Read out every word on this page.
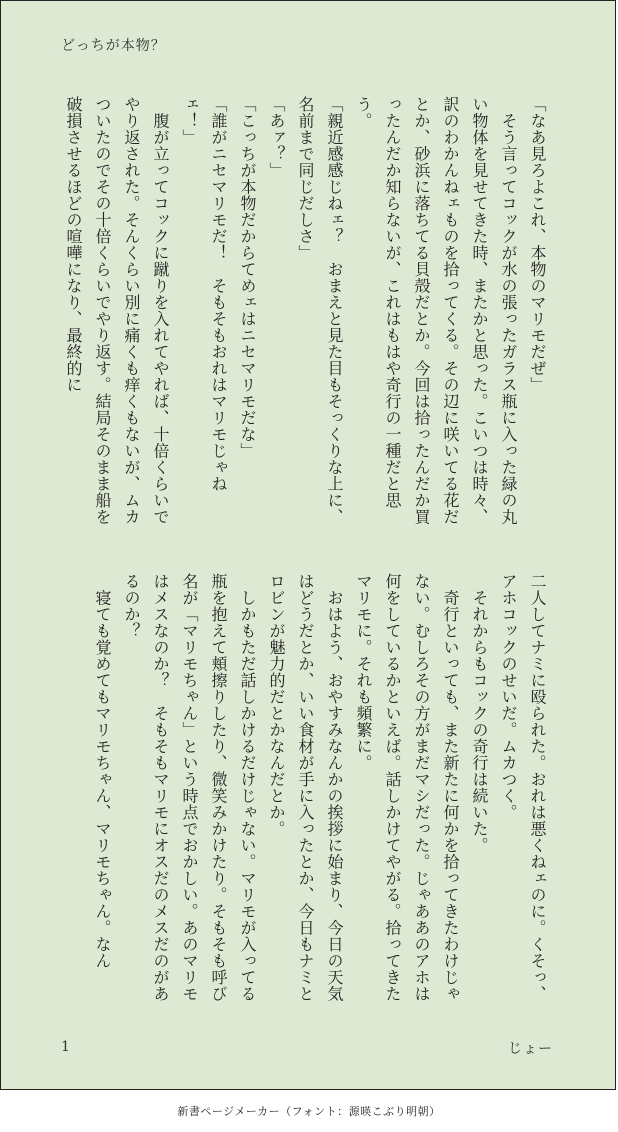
どっちが本物？

「なあ見ろよこれ、本物のマリモだぜ」

　そう言ってコックが水の張ったガラス瓶に入った緑の丸い物体を見せてきた時、またかと思った。こいつは時々、訳のわかんねェものを拾ってくる。その辺に咲いてる花だとか、砂浜に落ちてる貝殻だとか。今回は拾ったんだか買ったんだか知らないが、これはもはや奇行の一種だと思う。

「親近感感じねェ？　おまえと見た目もそっくりな上に、名前まで同じだしさ」

「あァ？」

「こっちが本物だからてめェはニセマリモだな」

「誰がニセマリモだ！　そもそもおれはマリモじゃねェ！」

　腹が立ってコックに蹴りを入れてやれば、十倍くらいでやり返された。そんくらい別に痛くも痒くもないが、ムカついたのでその十倍くらいでやり返す。結局そのまま船を破損させるほどの喧嘩になり、最終的に

二人してナミに殴られた。おれは悪くねェのに。くそっ、アホコックのせいだ。ムカつく。

　それからもコックの奇行は続いた。

　奇行といっても、また新たに何かを拾ってきたわけじゃない。むしろその方がまだマシだった。じゃああのアホは何をしているかといえば。話しかけてやがる。拾ってきたマリモに。それも頻繁に。

　おはよう、おやすみなんかの挨拶に始まり、今日の天気はどうだとか、いい食材が手に入ったとか、今日もナミとロビンが魅力的だとかなんだとか。

　しかもただ話しかけるだけじゃない。マリモが入ってる瓶を抱えて頬擦りしたり、微笑みかけたり。そもそも呼び名が「マリモちゃん」という時点でおかしい。あのマリモはメスなのか？　そもそもマリモにオスだのメスだのがあるのか？

　寝ても覚めてもマリモちゃん、マリモちゃん。なん

1	じょー
新書ページメーカー（フォント：源暎こぶり明朝）
